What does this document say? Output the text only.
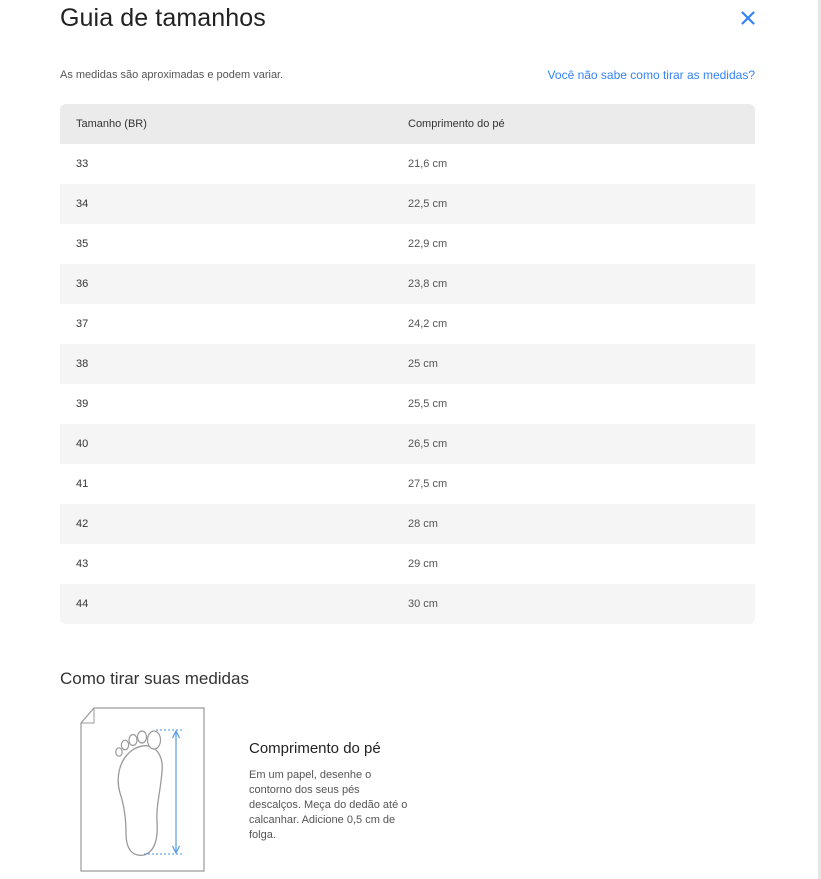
Guia de tamanhos
As medidas são aproximadas e podem variar.	Você não sabe como tirar as medidas?
Tamanho (BR)	Comprimento do pé
33	21,6 cm
34	22,5 cm
35	22,9 cm
36	23,8 cm
37	24,2 cm
38	25 cm
39	25,5 cm
40	26,5 cm
41	27,5 cm
42	28 cm
43	29 cm
44	30 cm
Como tirar suas medidas
Comprimento do pé

Em um papel, desenhe o contorno dos seus pés descalços. Meça do dedão até o calcanhar. Adicione 0,5 cm de folga.
